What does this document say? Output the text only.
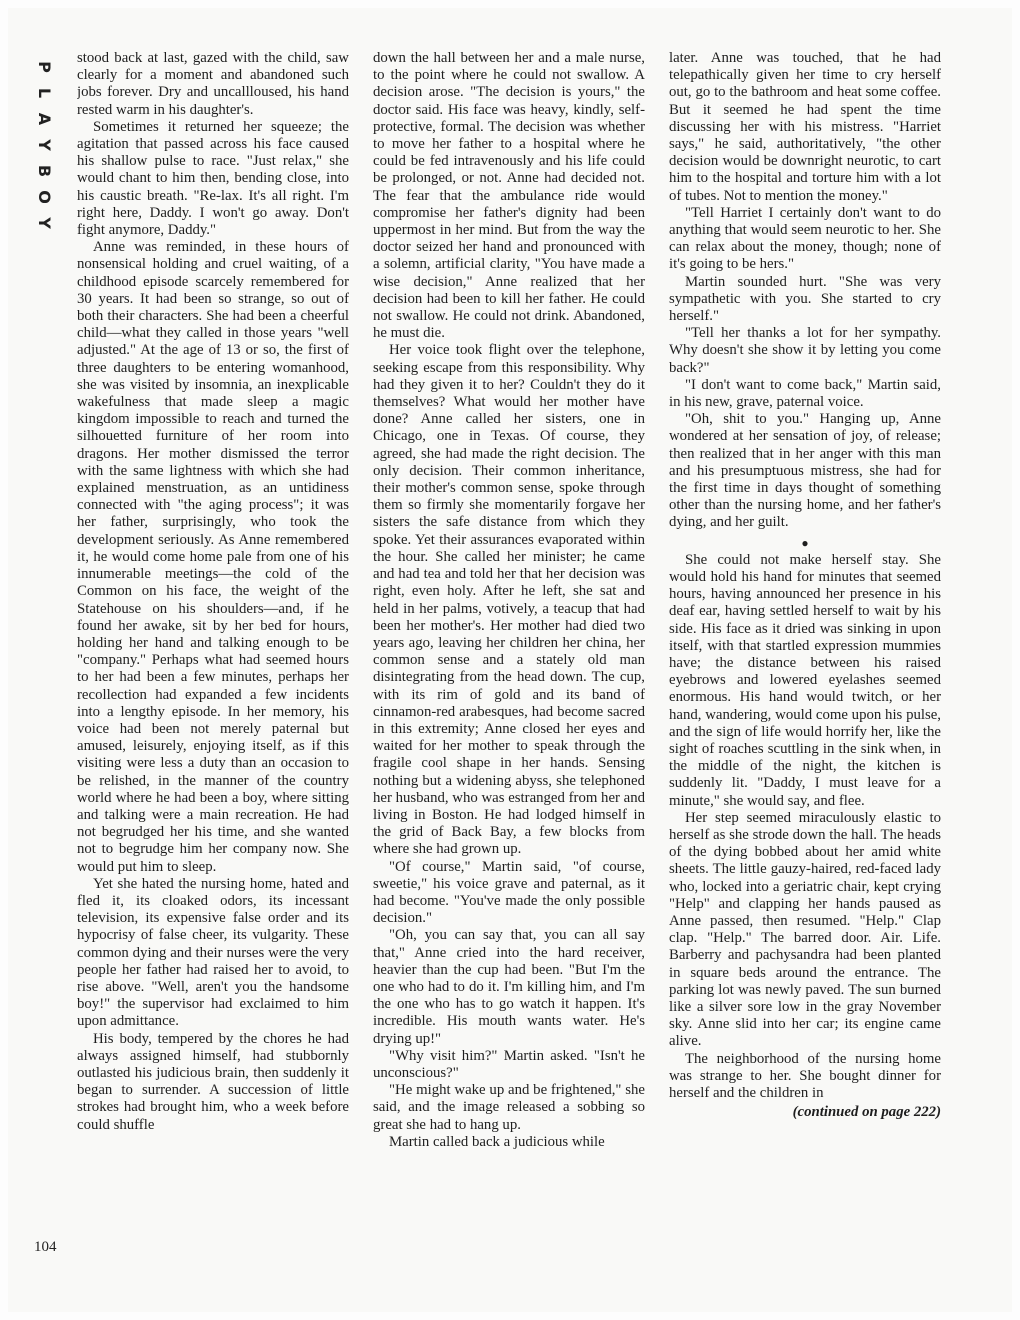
P
L
A
Y
B
O
Y

stood back at last, gazed with the child, saw clearly for a moment and abandoned such jobs forever. Dry and uncallloused, his hand rested warm in his daughter's.

Sometimes it returned her squeeze; the agitation that passed across his face caused his shallow pulse to race. "Just relax," she would chant to him then, bending close, into his caustic breath. "Re-lax. It's all right. I'm right here, Daddy. I won't go away. Don't fight anymore, Daddy."

Anne was reminded, in these hours of nonsensical holding and cruel waiting, of a childhood episode scarcely remembered for 30 years. It had been so strange, so out of both their characters. She had been a cheerful child—what they called in those years "well adjusted." At the age of 13 or so, the first of three daughters to be entering womanhood, she was visited by insomnia, an inexplicable wakefulness that made sleep a magic kingdom impossible to reach and turned the silhouetted furniture of her room into dragons. Her mother dismissed the terror with the same lightness with which she had explained menstruation, as an untidiness connected with "the aging process"; it was her father, surprisingly, who took the development seriously. As Anne remembered it, he would come home pale from one of his innumerable meetings—the cold of the Common on his face, the weight of the Statehouse on his shoulders—and, if he found her awake, sit by her bed for hours, holding her hand and talking enough to be "company." Perhaps what had seemed hours to her had been a few minutes, perhaps her recollection had expanded a few incidents into a lengthy episode. In her memory, his voice had been not merely paternal but amused, leisurely, enjoying itself, as if this visiting were less a duty than an occasion to be relished, in the manner of the country world where he had been a boy, where sitting and talking were a main recreation. He had not begrudged her his time, and she wanted not to begrudge him her company now. She would put him to sleep.

Yet she hated the nursing home, hated and fled it, its cloaked odors, its incessant television, its expensive false order and its hypocrisy of false cheer, its vulgarity. These common dying and their nurses were the very people her father had raised her to avoid, to rise above. "Well, aren't you the handsome boy!" the supervisor had exclaimed to him upon admittance.

His body, tempered by the chores he had always assigned himself, had stubbornly outlasted his judicious brain, then suddenly it began to surrender. A succession of little strokes had brought him, who a week before could shuffle

down the hall between her and a male nurse, to the point where he could not swallow. A decision arose. "The decision is yours," the doctor said. His face was heavy, kindly, self-protective, formal. The decision was whether to move her father to a hospital where he could be fed intravenously and his life could be prolonged, or not. Anne had decided not. The fear that the ambulance ride would compromise her father's dignity had been uppermost in her mind. But from the way the doctor seized her hand and pronounced with a solemn, artificial clarity, "You have made a wise decision," Anne realized that her decision had been to kill her father. He could not swallow. He could not drink. Abandoned, he must die.

Her voice took flight over the telephone, seeking escape from this responsibility. Why had they given it to her? Couldn't they do it themselves? What would her mother have done? Anne called her sisters, one in Chicago, one in Texas. Of course, they agreed, she had made the right decision. The only decision. Their common inheritance, their mother's common sense, spoke through them so firmly she momentarily forgave her sisters the safe distance from which they spoke. Yet their assurances evaporated within the hour. She called her minister; he came and had tea and told her that her decision was right, even holy. After he left, she sat and held in her palms, votively, a teacup that had been her mother's. Her mother had died two years ago, leaving her children her china, her common sense and a stately old man disintegrating from the head down. The cup, with its rim of gold and its band of cinnamon-red arabesques, had become sacred in this extremity; Anne closed her eyes and waited for her mother to speak through the fragile cool shape in her hands. Sensing nothing but a widening abyss, she telephoned her husband, who was estranged from her and living in Boston. He had lodged himself in the grid of Back Bay, a few blocks from where she had grown up.

"Of course," Martin said, "of course, sweetie," his voice grave and paternal, as it had become. "You've made the only possible decision."

"Oh, you can say that, you can all say that," Anne cried into the hard receiver, heavier than the cup had been. "But I'm the one who had to do it. I'm killing him, and I'm the one who has to go watch it happen. It's incredible. His mouth wants water. He's drying up!"

"Why visit him?" Martin asked. "Isn't he unconscious?"

"He might wake up and be frightened," she said, and the image released a sobbing so great she had to hang up.

Martin called back a judicious while

later. Anne was touched, that he had telepathically given her time to cry herself out, go to the bathroom and heat some coffee. But it seemed he had spent the time discussing her with his mistress. "Harriet says," he said, authoritatively, "the other decision would be downright neurotic, to cart him to the hospital and torture him with a lot of tubes. Not to mention the money."

"Tell Harriet I certainly don't want to do anything that would seem neurotic to her. She can relax about the money, though; none of it's going to be hers."

Martin sounded hurt. "She was very sympathetic with you. She started to cry herself."

"Tell her thanks a lot for her sympathy. Why doesn't she show it by letting you come back?"

"I don't want to come back," Martin said, in his new, grave, paternal voice.

"Oh, shit to you." Hanging up, Anne wondered at her sensation of joy, of release; then realized that in her anger with this man and his presumptuous mistress, she had for the first time in days thought of something other than the nursing home, and her father's dying, and her guilt.

●

She could not make herself stay. She would hold his hand for minutes that seemed hours, having announced her presence in his deaf ear, having settled herself to wait by his side. His face as it dried was sinking in upon itself, with that startled expression mummies have; the distance between his raised eyebrows and lowered eyelashes seemed enormous. His hand would twitch, or her hand, wandering, would come upon his pulse, and the sign of life would horrify her, like the sight of roaches scuttling in the sink when, in the middle of the night, the kitchen is suddenly lit. "Daddy, I must leave for a minute," she would say, and flee.

Her step seemed miraculously elastic to herself as she strode down the hall. The heads of the dying bobbed about her amid white sheets. The little gauzy-haired, red-faced lady who, locked into a geriatric chair, kept crying "Help" and clapping her hands paused as Anne passed, then resumed. "Help." Clap clap. "Help." The barred door. Air. Life. Barberry and pachysandra had been planted in square beds around the entrance. The parking lot was newly paved. The sun burned like a silver sore low in the gray November sky. Anne slid into her car; its engine came alive.

The neighborhood of the nursing home was strange to her. She bought dinner for herself and the children in

(continued on page 222)
104
